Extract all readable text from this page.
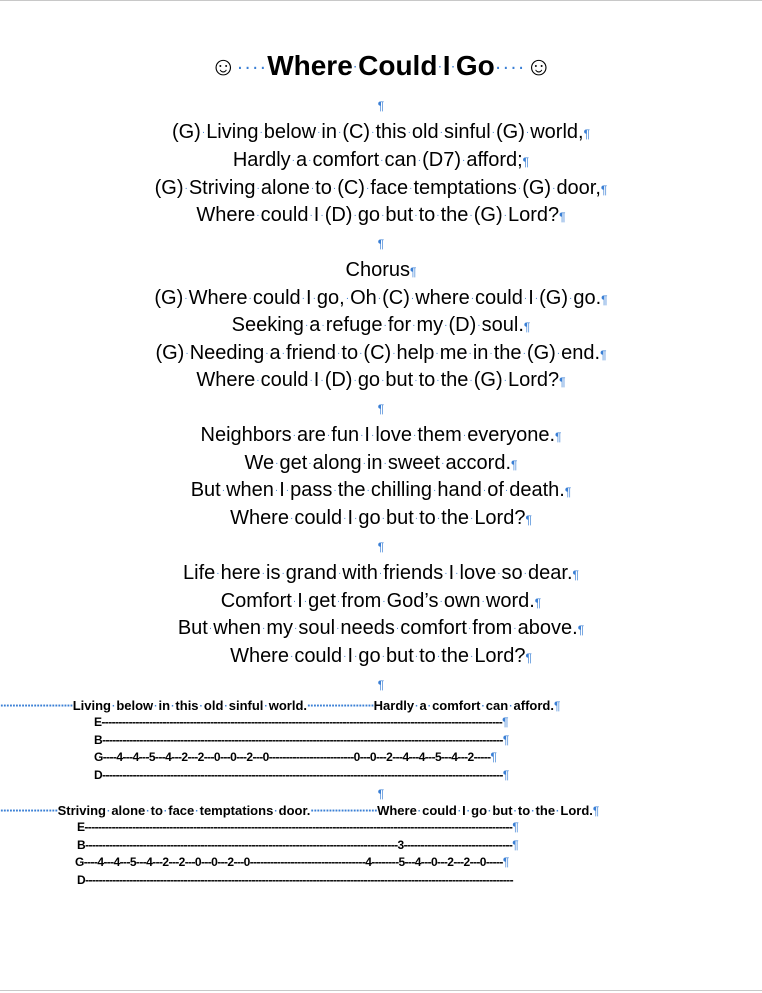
☺····Where·Could·I·Go····☺
¶
(G)·Living·below·in·(C)·this·old·sinful·(G)·world,¶
Hardly·a·comfort·can·(D7)·afford;¶
(G)·Striving·alone·to·(C)·face·temptations·(G)·door,¶
Where·could·I·(D)·go·but·to·the·(G)·Lord?¶
¶
Chorus¶
(G)·Where·could·I·go,·Oh·(C)·where·could·I·(G)·go.¶
Seeking·a·refuge·for·my·(D)·soul.¶
(G)·Needing·a·friend·to·(C)·help·me·in·the·(G)·end.¶
Where·could·I·(D)·go·but·to·the·(G)·Lord?¶
¶
Neighbors·are·fun·I·love·them·everyone.¶
We·get·along·in·sweet·accord.¶
But·when·I·pass·the·chilling·hand·of·death.¶
Where·could·I·go·but·to·the·Lord?¶
¶
Life·here·is·grand·with·friends·I·love·so·dear.¶
Comfort·I·get·from·God’s·own·word.¶
But·when·my·soul·needs·comfort·from·above.¶
Where·could·I·go·but·to·the·Lord?¶
¶
························Living·below·in·this·old·sinful·world.······················Hardly·a·comfort·can·afford.¶
E----------------------------------------------------------------------------------------------------------------------¶
B----------------------------------------------------------------------------------------------------------------------¶
G----4---4---5---4---2---2---0---0---2---0-------------------------0---0---2---4---4---5---4---2-----¶
D----------------------------------------------------------------------------------------------------------------------¶
¶
···················Striving·alone·to·face·temptations·door.······················Where·could·I·go·but·to·the·Lord.¶
E------------------------------------------------------------------------------------------------------------------------------¶
B--------------------------------------------------------------------------------------------3--------------------------------¶
G----4---4---5---4---2---2---0---0---2---0----------------------------------4--------5---4---0---2---2---0-----¶
D------------------------------------------------------------------------------------------------------------------------------
